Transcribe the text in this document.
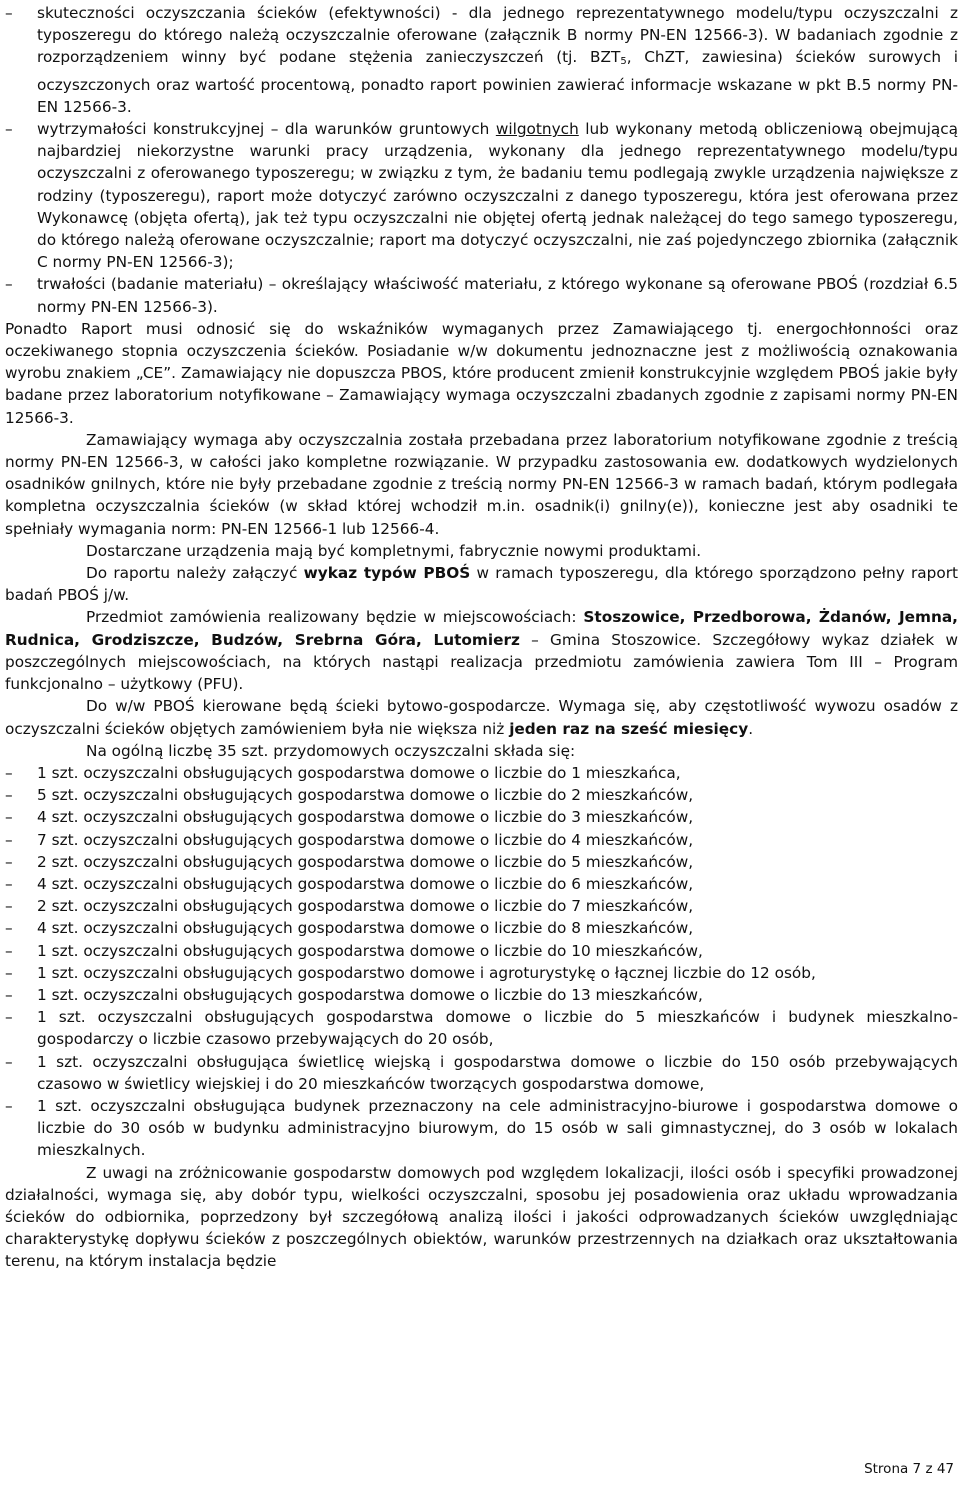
– skuteczności oczyszczania ścieków (efektywności) - dla jednego reprezentatywnego modelu/typu oczyszczalni z typoszeregu do którego należą oczyszczalnie oferowane (załącznik B normy PN-EN 12566-3). W badaniach zgodnie z rozporządzeniem winny być podane stężenia zanieczyszczeń (tj. $BZT_5$, ChZT, zawiesina) ścieków surowych i oczyszczonych oraz wartość procentową, ponadto raport powinien zawierać informacje wskazane w pkt B.5 normy PN-EN 12566-3.

– wytrzymałości konstrukcyjnej – dla warunków gruntowych wilgotnych lub wykonany metodą obliczeniową obejmującą najbardziej niekorzystne warunki pracy urządzenia, wykonany dla jednego reprezentatywnego modelu/typu oczyszczalni z oferowanego typoszeregu; w związku z tym, że badaniu temu podlegają zwykle urządzenia największe z rodziny (typoszeregu), raport może dotyczyć zarówno oczyszczalni z danego typoszeregu, która jest oferowana przez Wykonawcę (objęta ofertą), jak też typu oczyszczalni nie objętej ofertą jednak należącej do tego samego typoszeregu, do którego należą oferowane oczyszczalnie; raport ma dotyczyć oczyszczalni, nie zaś pojedynczego zbiornika (załącznik C normy PN-EN 12566-3);

– trwałości (badanie materiału) – określający właściwość materiału, z którego wykonane są oferowane PBOŚ (rozdział 6.5 normy PN-EN 12566-3).

Ponadto Raport musi odnosić się do wskaźników wymaganych przez Zamawiającego tj. energochłonności oraz oczekiwanego stopnia oczyszczenia ścieków. Posiadanie w/w dokumentu jednoznaczne jest z możliwością oznakowania wyrobu znakiem „CE”. Zamawiający nie dopuszcza PBOS, które producent zmienił konstrukcyjnie względem PBOŚ jakie były badane przez laboratorium notyfikowane – Zamawiający wymaga oczyszczalni zbadanych zgodnie z zapisami normy PN-EN 12566-3.

Zamawiający wymaga aby oczyszczalnia została przebadana przez laboratorium notyfikowane zgodnie z treścią normy PN-EN 12566-3, w całości jako kompletne rozwiązanie. W przypadku zastosowania ew. dodatkowych wydzielonych osadników gnilnych, które nie były przebadane zgodnie z treścią normy PN-EN 12566-3 w ramach badań, którym podlegała kompletna oczyszczalnia ścieków (w skład której wchodził m.in. osadnik(i) gnilny(e)), konieczne jest aby osadniki te spełniały wymagania norm: PN-EN 12566-1 lub 12566-4.

Dostarczane urządzenia mają być kompletnymi, fabrycznie nowymi produktami.

Do raportu należy załączyć wykaz typów PBOŚ w ramach typoszeregu, dla którego sporządzono pełny raport badań PBOŚ j/w.

Przedmiot zamówienia realizowany będzie w miejscowościach: Stoszowice, Przedborowa, Żdanów, Jemna, Rudnica, Grodziszcze, Budzów, Srebrna Góra, Lutomierz – Gmina Stoszowice. Szczegółowy wykaz działek w poszczególnych miejscowościach, na których nastąpi realizacja przedmiotu zamówienia zawiera Tom III – Program funkcjonalno – użytkowy (PFU).

Do w/w PBOŚ kierowane będą ścieki bytowo-gospodarcze. Wymaga się, aby częstotliwość wywozu osadów z oczyszczalni ścieków objętych zamówieniem była nie większa niż jeden raz na sześć miesięcy.

Na ogólną liczbę 35 szt. przydomowych oczyszczalni składa się:

– 1 szt. oczyszczalni obsługujących gospodarstwa domowe o liczbie do 1 mieszkańca,

– 5 szt. oczyszczalni obsługujących gospodarstwa domowe o liczbie do 2 mieszkańców,

– 4 szt. oczyszczalni obsługujących gospodarstwa domowe o liczbie do 3 mieszkańców,

– 7 szt. oczyszczalni obsługujących gospodarstwa domowe o liczbie do 4 mieszkańców,

– 2 szt. oczyszczalni obsługujących gospodarstwa domowe o liczbie do 5 mieszkańców,

– 4 szt. oczyszczalni obsługujących gospodarstwa domowe o liczbie do 6 mieszkańców,

– 2 szt. oczyszczalni obsługujących gospodarstwa domowe o liczbie do 7 mieszkańców,

– 4 szt. oczyszczalni obsługujących gospodarstwa domowe o liczbie do 8 mieszkańców,

– 1 szt. oczyszczalni obsługujących gospodarstwa domowe o liczbie do 10 mieszkańców,

– 1 szt. oczyszczalni obsługujących gospodarstwo domowe i agroturystykę o łącznej liczbie do 12 osób,

– 1 szt. oczyszczalni obsługujących gospodarstwa domowe o liczbie do 13 mieszkańców,

– 1 szt. oczyszczalni obsługujących gospodarstwa domowe o liczbie do 5 mieszkańców i budynek mieszkalno-gospodarczy o liczbie czasowo przebywających do 20 osób,

– 1 szt. oczyszczalni obsługująca świetlicę wiejską i gospodarstwa domowe o liczbie do 150 osób przebywających czasowo w świetlicy wiejskiej i do 20 mieszkańców tworzących gospodarstwa domowe,

– 1 szt. oczyszczalni obsługująca budynek przeznaczony na cele administracyjno-biurowe i gospodarstwa domowe o liczbie do 30 osób w budynku administracyjno biurowym, do 15 osób w sali gimnastycznej, do 3 osób w lokalach mieszkalnych.

Z uwagi na zróżnicowanie gospodarstw domowych pod względem lokalizacji, ilości osób i specyfiki prowadzonej działalności, wymaga się, aby dobór typu, wielkości oczyszczalni, sposobu jej posadowienia oraz układu wprowadzania ścieków do odbiornika, poprzedzony był szczegółową analizą ilości i jakości odprowadzanych ścieków uwzględniając charakterystykę dopływu ścieków z poszczególnych obiektów, warunków przestrzennych na działkach oraz ukształtowania terenu, na którym instalacja będzie

Strona 7 z 47
